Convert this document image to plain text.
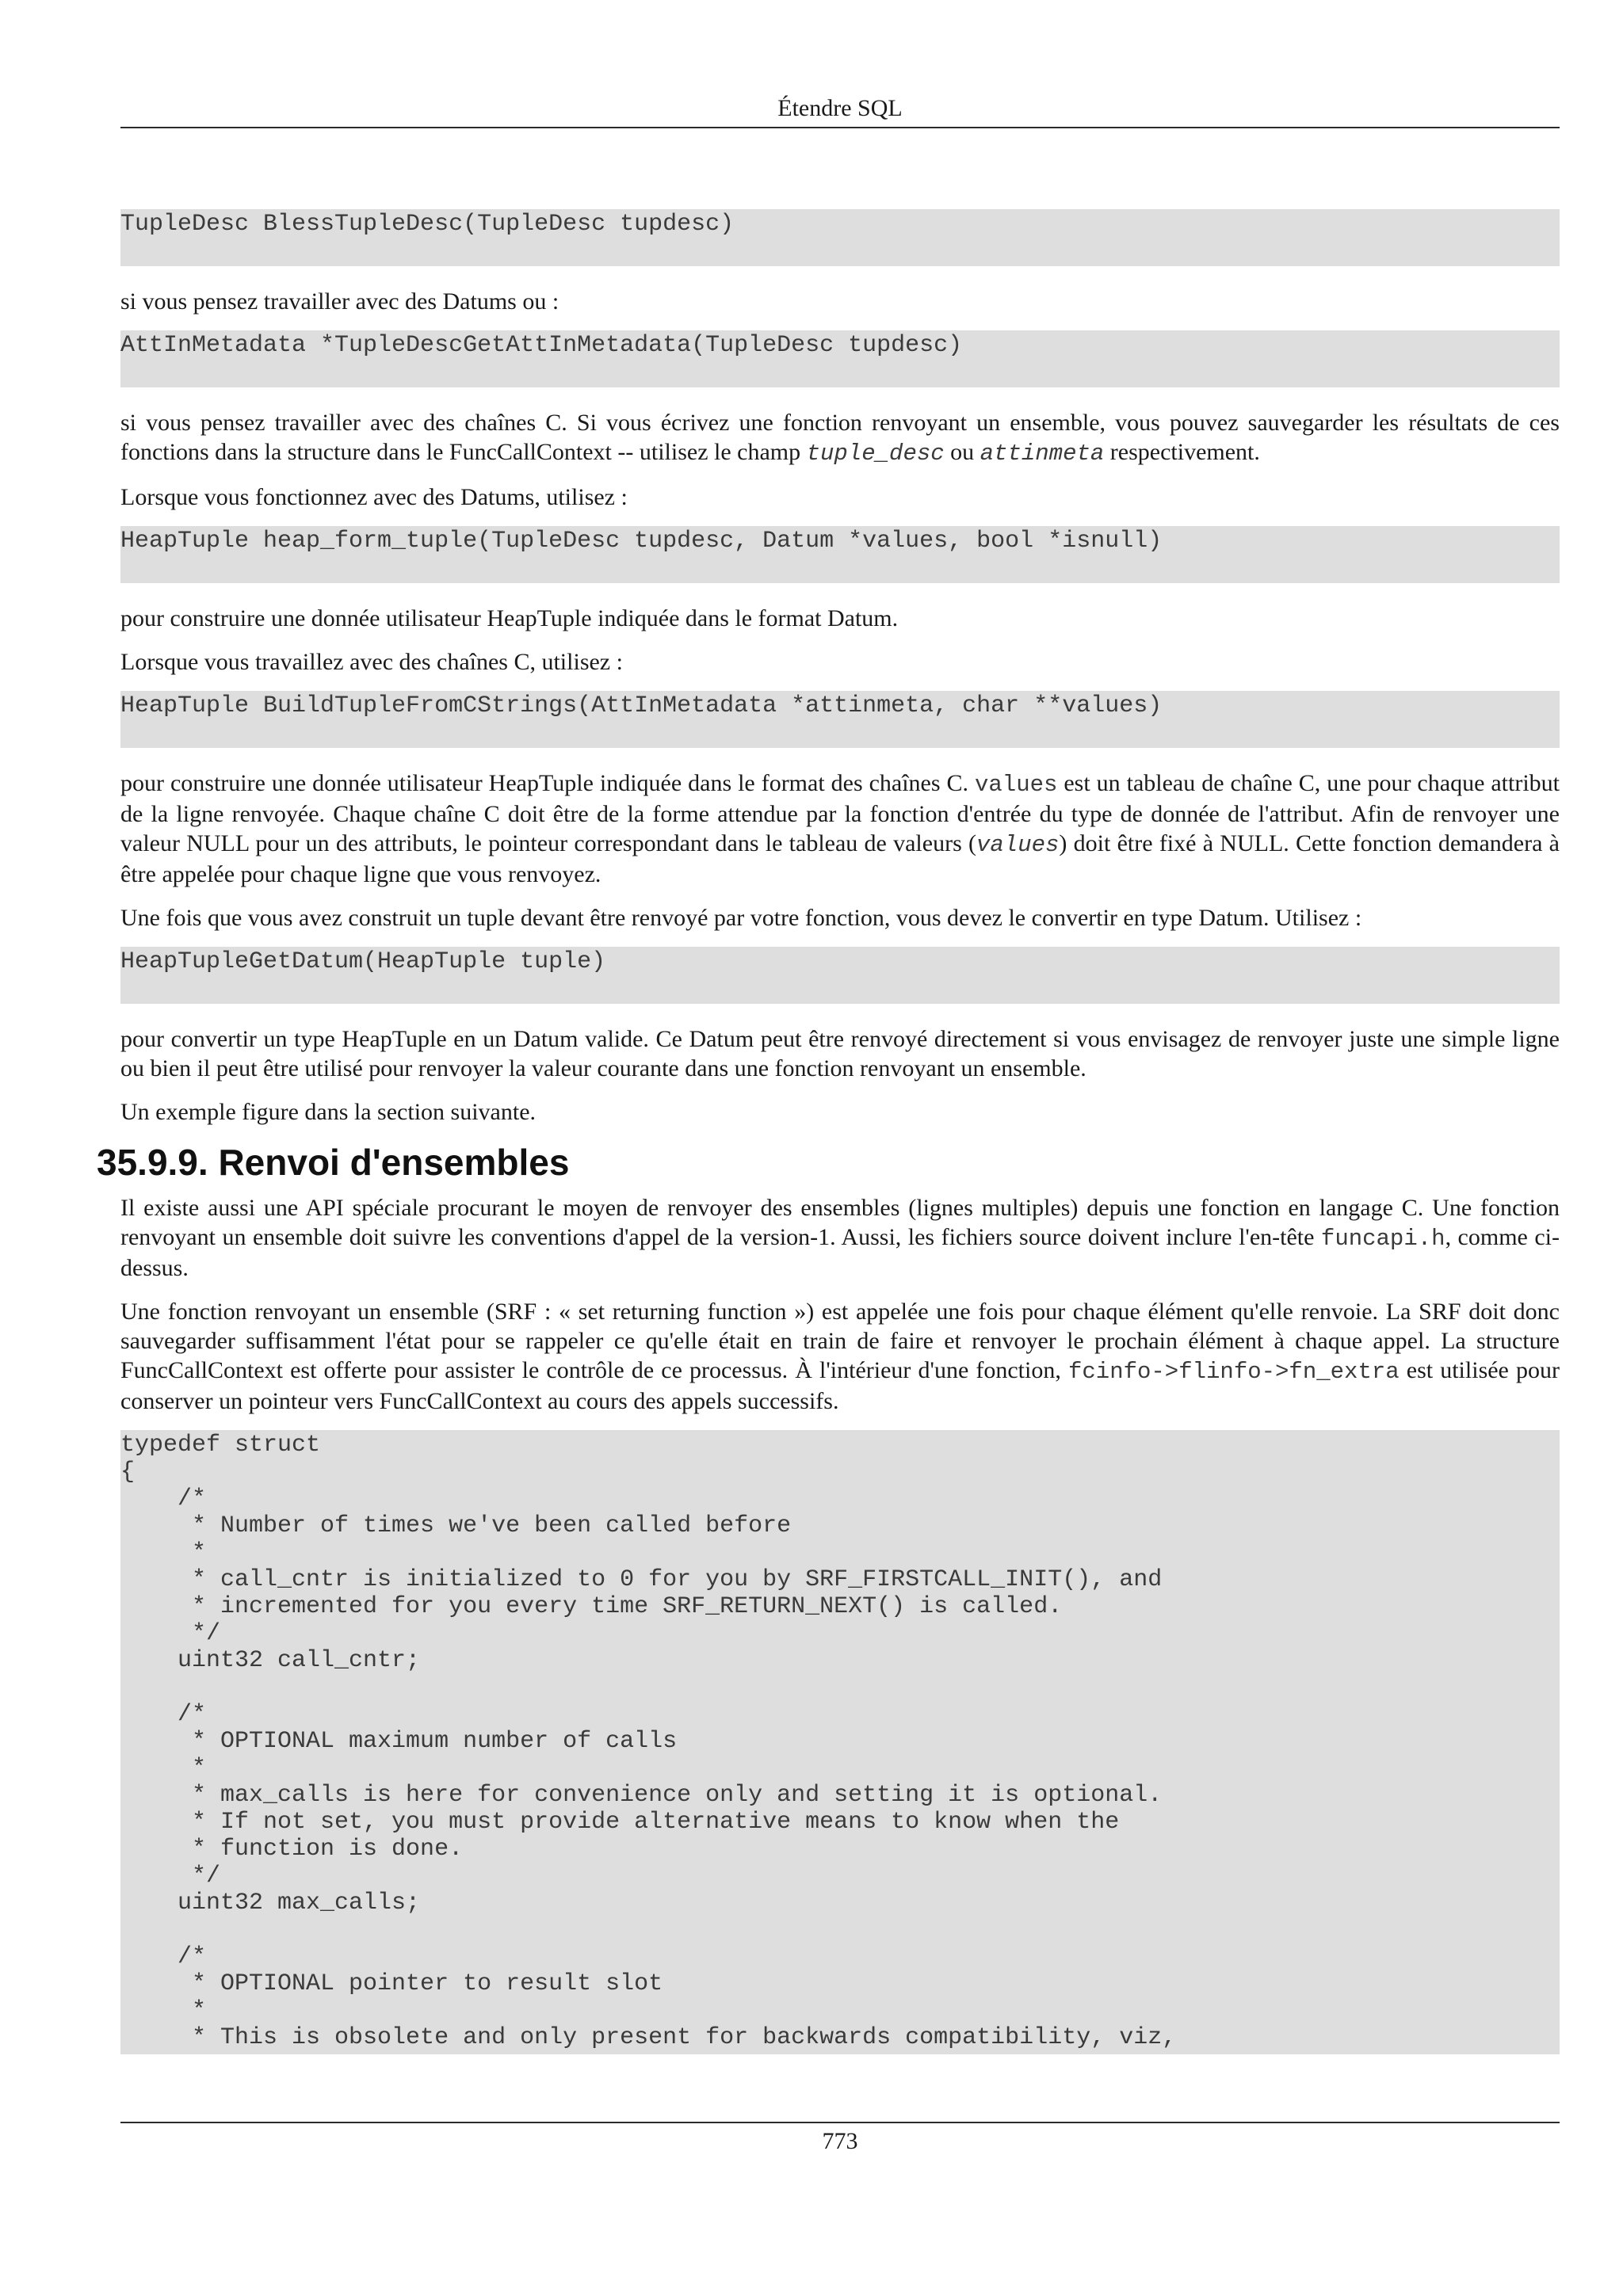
Étendre SQL
TupleDesc BlessTupleDesc(TupleDesc tupdesc)

si vous pensez travailler avec des Datums ou :

AttInMetadata *TupleDescGetAttInMetadata(TupleDesc tupdesc)

si vous pensez travailler avec des chaînes C. Si vous écrivez une fonction renvoyant un ensemble, vous pouvez sauvegarder les résultats de ces fonctions dans la structure dans le FuncCallContext -- utilisez le champ tuple_desc ou attinmeta respectivement.

Lorsque vous fonctionnez avec des Datums, utilisez :

HeapTuple heap_form_tuple(TupleDesc tupdesc, Datum *values, bool *isnull)

pour construire une donnée utilisateur HeapTuple indiquée dans le format Datum.

Lorsque vous travaillez avec des chaînes C, utilisez :

HeapTuple BuildTupleFromCStrings(AttInMetadata *attinmeta, char **values)

pour construire une donnée utilisateur HeapTuple indiquée dans le format des chaînes C. values est un tableau de chaîne C, une pour chaque attribut de la ligne renvoyée. Chaque chaîne C doit être de la forme attendue par la fonction d'entrée du type de donnée de l'attribut. Afin de renvoyer une valeur NULL pour un des attributs, le pointeur correspondant dans le tableau de valeurs (values) doit être fixé à NULL. Cette fonction demandera à être appelée pour chaque ligne que vous renvoyez.

Une fois que vous avez construit un tuple devant être renvoyé par votre fonction, vous devez le convertir en type Datum. Utilisez :

HeapTupleGetDatum(HeapTuple tuple)

pour convertir un type HeapTuple en un Datum valide. Ce Datum peut être renvoyé directement si vous envisagez de renvoyer juste une simple ligne ou bien il peut être utilisé pour renvoyer la valeur courante dans une fonction renvoyant un ensemble.

Un exemple figure dans la section suivante.

35.9.9. Renvoi d'ensembles

Il existe aussi une API spéciale procurant le moyen de renvoyer des ensembles (lignes multiples) depuis une fonction en langage C. Une fonction renvoyant un ensemble doit suivre les conventions d'appel de la version-1. Aussi, les fichiers source doivent inclure l'en-tête funcapi.h, comme ci-dessus.

Une fonction renvoyant un ensemble (SRF : « set returning function ») est appelée une fois pour chaque élément qu'elle renvoie. La SRF doit donc sauvegarder suffisamment l'état pour se rappeler ce qu'elle était en train de faire et renvoyer le prochain élément à chaque appel. La structure FuncCallContext est offerte pour assister le contrôle de ce processus. À l'intérieur d'une fonction, fcinfo->flinfo->fn_extra est utilisée pour conserver un pointeur vers FuncCallContext au cours des appels successifs.

typedef struct
{
/*
* Number of times we've been called before
*
* call_cntr is initialized to 0 for you by SRF_FIRSTCALL_INIT(), and
* incremented for you every time SRF_RETURN_NEXT() is called.
*/
uint32 call_cntr;

/*
* OPTIONAL maximum number of calls
*
* max_calls is here for convenience only and setting it is optional.
* If not set, you must provide alternative means to know when the
* function is done.
*/
uint32 max_calls;

/*
* OPTIONAL pointer to result slot
*
* This is obsolete and only present for backwards compatibility, viz,
773
